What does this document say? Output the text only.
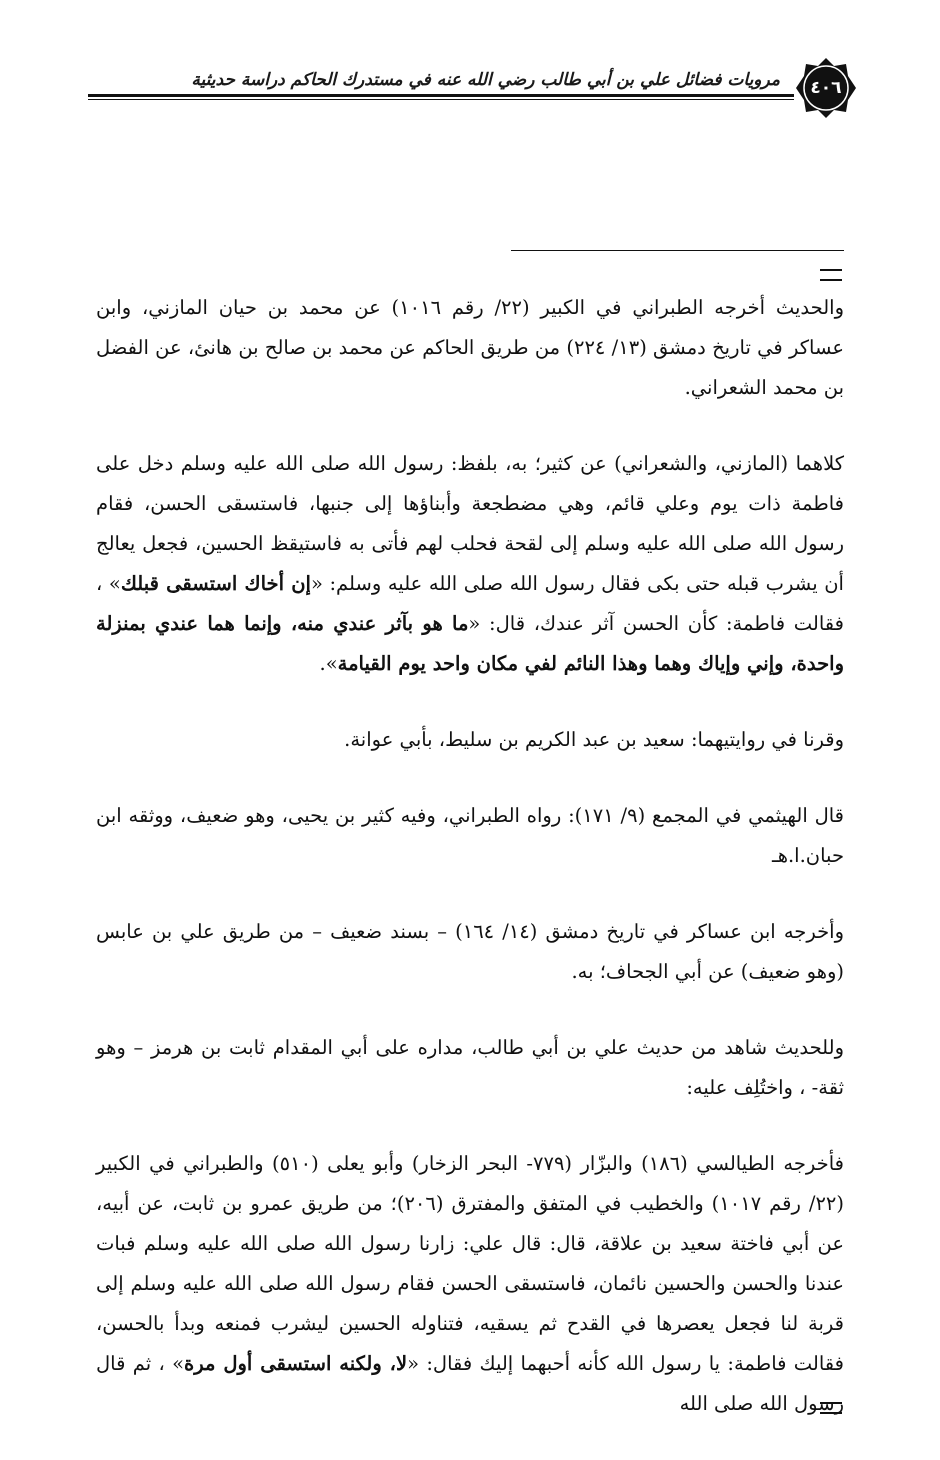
٤٠٦
مرويات فضائل علي بن أبي طالب رضي الله عنه في مستدرك الحاكم دراسة حديثية

والحديث أخرجه الطبراني في الكبير (٢٢/ رقم ١٠١٦) عن محمد بن حيان المازني، وابن عساكر في تاريخ دمشق (١٣/ ٢٢٤) من طريق الحاكم عن محمد بن صالح بن هانئ، عن الفضل بن محمد الشعراني.

كلاهما (المازني، والشعراني) عن كثير؛ به، بلفظ: رسول الله صلى الله عليه وسلم دخل على فاطمة ذات يوم وعلي قائم، وهي مضطجعة وأبناؤها إلى جنبها، فاستسقى الحسن، فقام رسول الله صلى الله عليه وسلم إلى لقحة فحلب لهم فأتى به فاستيقظ الحسين، فجعل يعالج أن يشرب قبله حتى بكى فقال رسول الله صلى الله عليه وسلم: «إن أخاك استسقى قبلك» ، فقالت فاطمة: كأن الحسن آثر عندك، قال: «ما هو بآثر عندي منه، وإنما هما عندي بمنزلة واحدة، وإني وإياك وهما وهذا النائم لفي مكان واحد يوم القيامة».

وقرنا في روايتيهما: سعيد بن عبد الكريم بن سليط، بأبي عوانة.

قال الهيثمي في المجمع (٩/ ١٧١): رواه الطبراني، وفيه كثير بن يحيى، وهو ضعيف، ووثقه ابن حبان.ا.هـ

وأخرجه ابن عساكر في تاريخ دمشق (١٤/ ١٦٤) – بسند ضعيف – من طريق علي بن عابس (وهو ضعيف) عن أبي الجحاف؛ به.

وللحديث شاهد من حديث علي بن أبي طالب، مداره على أبي المقدام ثابت بن هرمز – وهو ثقة- ، واختُلِف عليه:

فأخرجه الطيالسي (١٨٦) والبزّار (٧٧٩- البحر الزخار) وأبو يعلى (٥١٠) والطبراني في الكبير (٢٢/ رقم ١٠١٧) والخطيب في المتفق والمفترق (٢٠٦)؛ من طريق عمرو بن ثابت، عن أبيه، عن أبي فاختة سعيد بن علاقة، قال: قال علي: زارنا رسول الله صلى الله عليه وسلم فبات عندنا والحسن والحسين نائمان، فاستسقى الحسن فقام رسول الله صلى الله عليه وسلم إلى قربة لنا فجعل يعصرها في القدح ثم يسقيه، فتناوله الحسين ليشرب فمنعه وبدأ بالحسن، فقالت فاطمة: يا رسول الله كأنه أحبهما إليك فقال: «لا، ولكنه استسقى أول مرة» ، ثم قال رسول الله صلى الله
